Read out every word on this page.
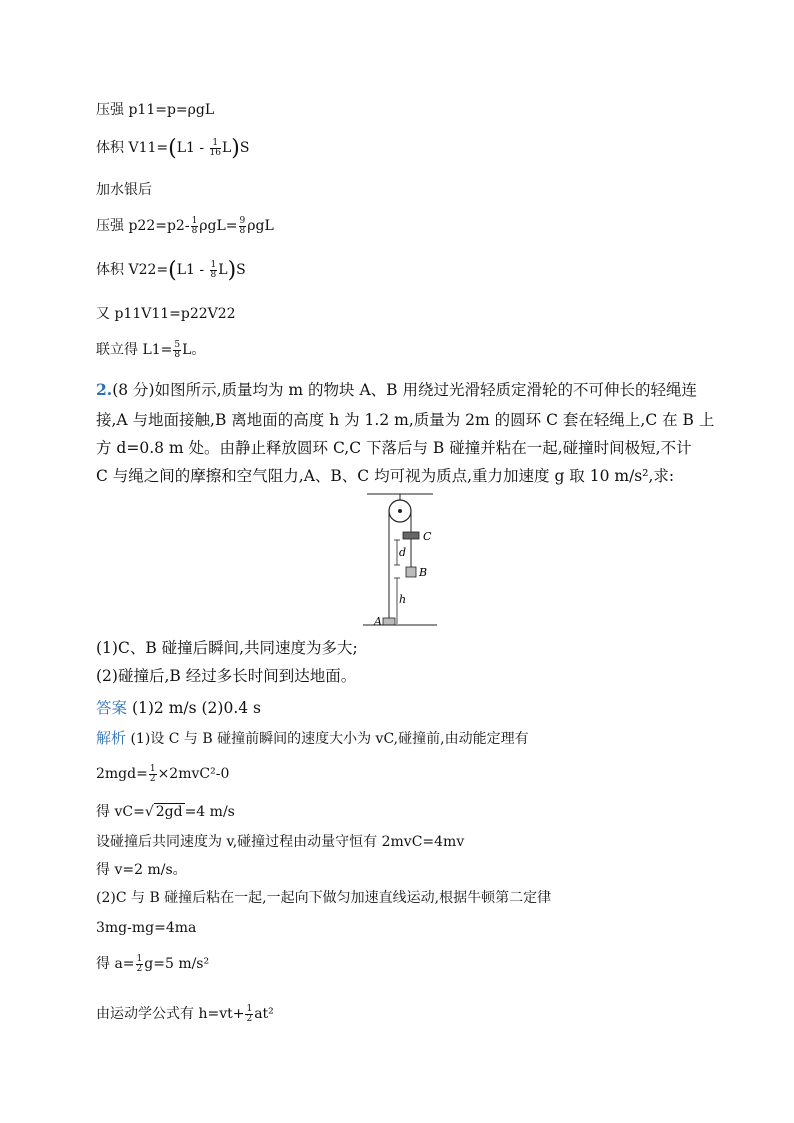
压强 p11=p=ρgL
体积 $V11=(L1 - \frac{1}{16} L)S$
加水银后
压强 $p22=p2- \frac{1}{8} \rho gL= \frac{9}{8}$ ρgL
体积 $V22=(L1 - \frac{1}{8} L)S$
又 p11V11=p22V22
联立得 $L1= \frac{5}{8}$ L。
2.(8 分)如图所示,质量均为 m 的物块 A、B 用绕过光滑轻质定滑轮的不可伸长的轻绳连
接,A 与地面接触,B 离地面的高度 h 为 1.2 m,质量为 2m 的圆环 C 套在轻绳上,C 在 B 上
方 d=0.8 m 处。由静止释放圆环 C,C 下落后与 B 碰撞并粘在一起,碰撞时间极短,不计
C 与绳之间的摩擦和空气阻力,A、B、C 均可视为质点,重力加速度 g 取 10 m/s²,求:
C
B
d
h
A
(1)C、B 碰撞后瞬间,共同速度为多大;
(2)碰撞后,B 经过多长时间到达地面。
答案 (1)2 m/s (2)0.4 s
解析 (1)设 C 与 B 碰撞前瞬间的速度大小为 vC,碰撞前,由动能定理有
$2mgd= \frac{1}{2} \times 2mvC^2-0$
得 vC=√ 2gd =4 m/s
设碰撞后共同速度为 v,碰撞过程由动量守恒有 2mvC=4mv
得 v=2 m/s。
(2)C 与 B 碰撞后粘在一起,一起向下做匀加速直线运动,根据牛顿第二定律
3mg-mg=4ma
得 $a= \frac{1}{2} g=5$ m/s²
由运动学公式有 $h=vt+ \frac{1}{2} at^2$
